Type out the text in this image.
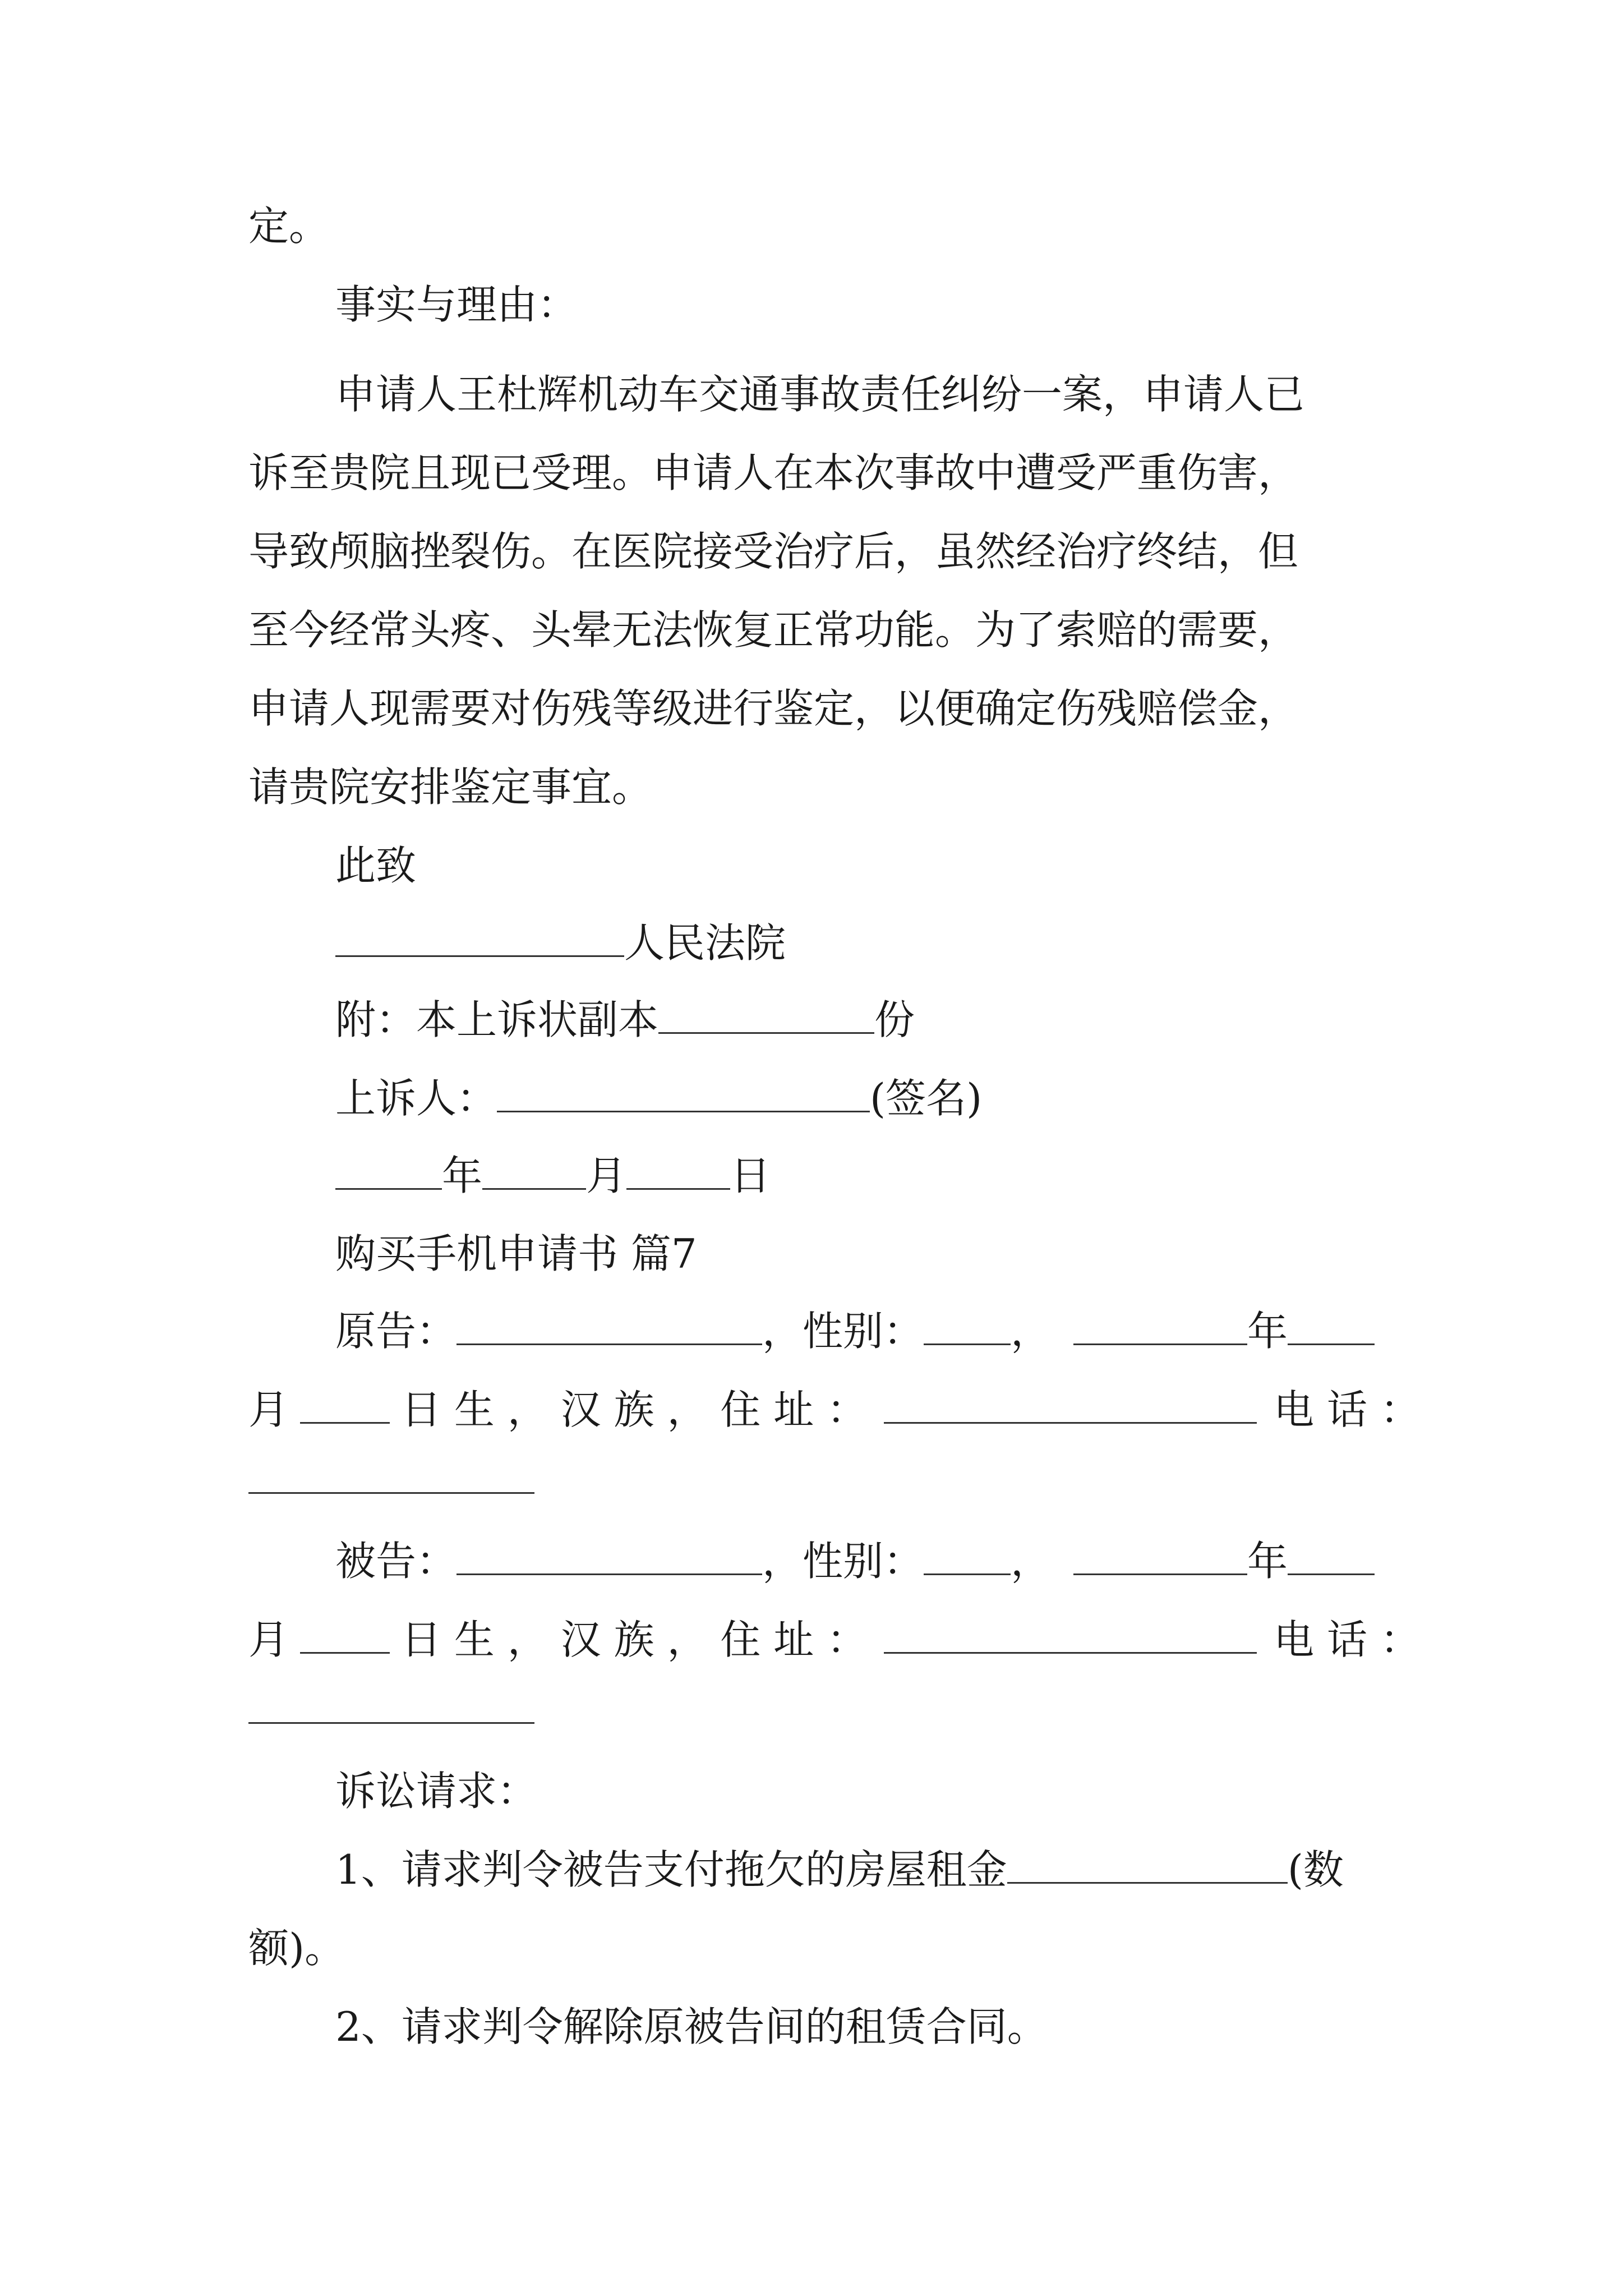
定。
事实与理由：
申请人王杜辉机动车交通事故责任纠纷一案，申请人已
诉至贵院且现已受理。申请人在本次事故中遭受严重伤害，
导致颅脑挫裂伤。在医院接受治疗后，虽然经治疗终结，但
至今经常头疼、头晕无法恢复正常功能。为了索赔的需要，
申请人现需要对伤残等级进行鉴定，以便确定伤残赔偿金，
请贵院安排鉴定事宜。
此致
人民法院
附：本上诉状副本	份
上诉人：	(签名)
年	月	日
购买手机申请书 篇7
原告：	，性别： ，	年
月	日 生 ， 汉 族 ， 住 址 ：	电 话 ：
被告：	，性别： ，	年
月	日 生 ， 汉 族 ， 住 址 ：	电 话 ：
诉讼请求：
1、请求判令被告支付拖欠的房屋租金	(数
额)。
2、请求判令解除原被告间的租赁合同。
